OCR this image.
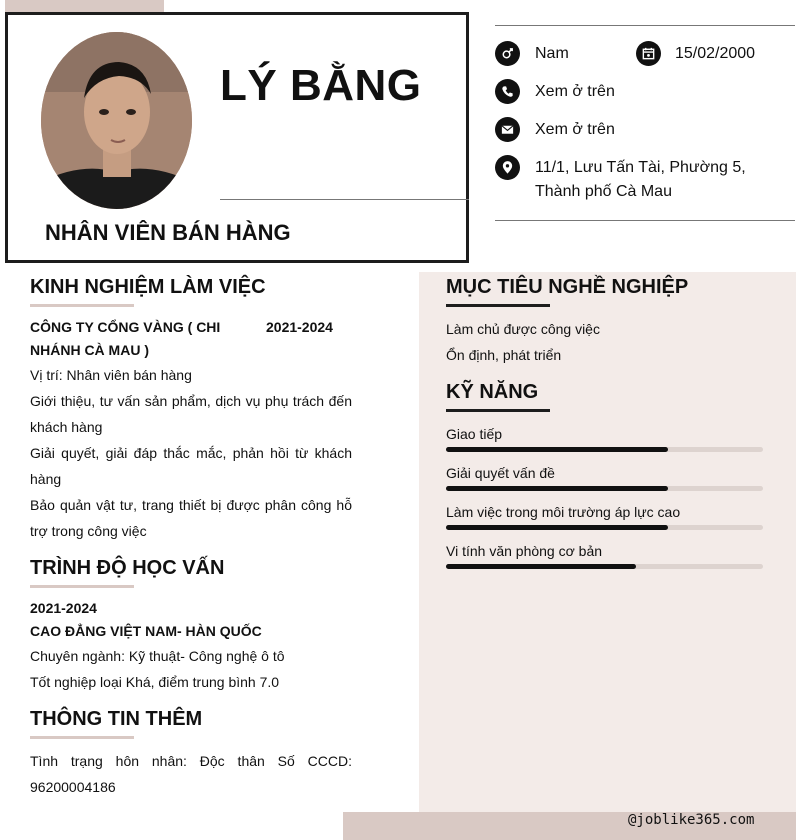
LÝ BẰNG
NHÂN VIÊN BÁN HÀNG
Nam	15/02/2000
Xem ở trên
Xem ở trên
11/1, Lưu Tấn Tài, Phường 5,
Thành phố Cà Mau
KINH NGHIỆM LÀM VIỆC
CÔNG TY CỔNG VÀNG ( CHI	2021-2024
NHÁNH CÀ MAU )
Vị trí: Nhân viên bán hàng
Giới thiệu, tư vấn sản phẩm, dịch vụ phụ trách đến
khách hàng
Giải quyết, giải đáp thắc mắc, phản hồi từ khách
hàng
Bảo quản vật tư, trang thiết bị được phân công hỗ
trợ trong công việc
TRÌNH ĐỘ HỌC VẤN
2021-2024
CAO ĐẲNG VIỆT NAM- HÀN QUỐC
Chuyên ngành: Kỹ thuật- Công nghệ ô tô
Tốt nghiệp loại Khá, điểm trung bình 7.0
THÔNG TIN THÊM
Tình trạng hôn nhân: Độc thân Số CCCD:
96200004186
MỤC TIÊU NGHỀ NGHIỆP
Làm chủ được công việc
Ổn định, phát triển
KỸ NĂNG
Giao tiếp
Giải quyết vấn đề
Làm việc trong môi trường áp lực cao
Vi tính văn phòng cơ bản
@joblike365.com
